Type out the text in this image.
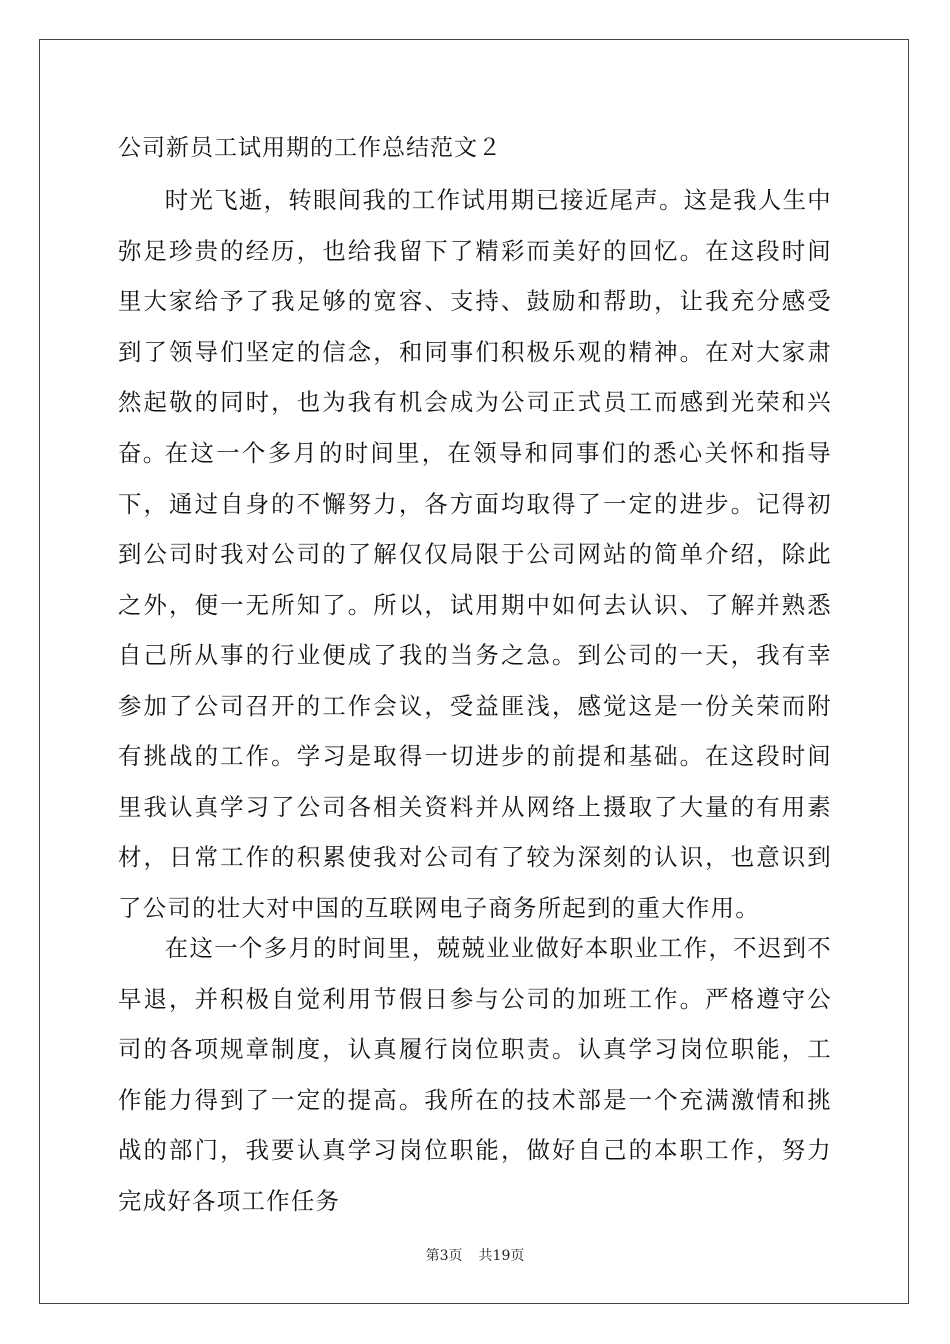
公司新员工试用期的工作总结范文２

时光飞逝，转眼间我的工作试用期已接近尾声。这是我人生中弥足珍贵的经历，也给我留下了精彩而美好的回忆。在这段时间里大家给予了我足够的宽容、支持、鼓励和帮助，让我充分感受到了领导们坚定的信念，和同事们积极乐观的精神。在对大家肃然起敬的同时，也为我有机会成为公司正式员工而感到光荣和兴奋。

在这一个多月的时间里，在领导和同事们的悉心关怀和指导下，通过自身的不懈努力，各方面均取得了一定的进步。记得初到公司时我对公司的了解仅仅局限于公司网站的简单介绍，除此之外，便一无所知了。所以，试用期中如何去认识、了解并熟悉自己所从事的行业便成了我的当务之急。到公司的一天，我有幸参加了公司召开的工作会议，受益匪浅，感觉这是一份关荣而附有挑战的工作。学习是取得一切进步的前提和基础。在这段时间里我认真学习了公司各相关资料并从网络上摄取了大量的有用素材，日常工作的积累使我对公司有了较为深刻的认识，也意识到了公司的壮大对中国的互联网电子商务所起到的重大作用。

在这一个多月的时间里，兢兢业业做好本职业工作，不迟到不早退，并积极自觉利用节假日参与公司的加班工作。严格遵守公司的各项规章制度，认真履行岗位职责。认真学习岗位职能，工作能力得到了一定的提高。我所在的技术部是一个充满激情和挑战的部门，我要认真学习岗位职能，做好自己的本职工作，努力完成好各项工作任务

第3页 共19页
